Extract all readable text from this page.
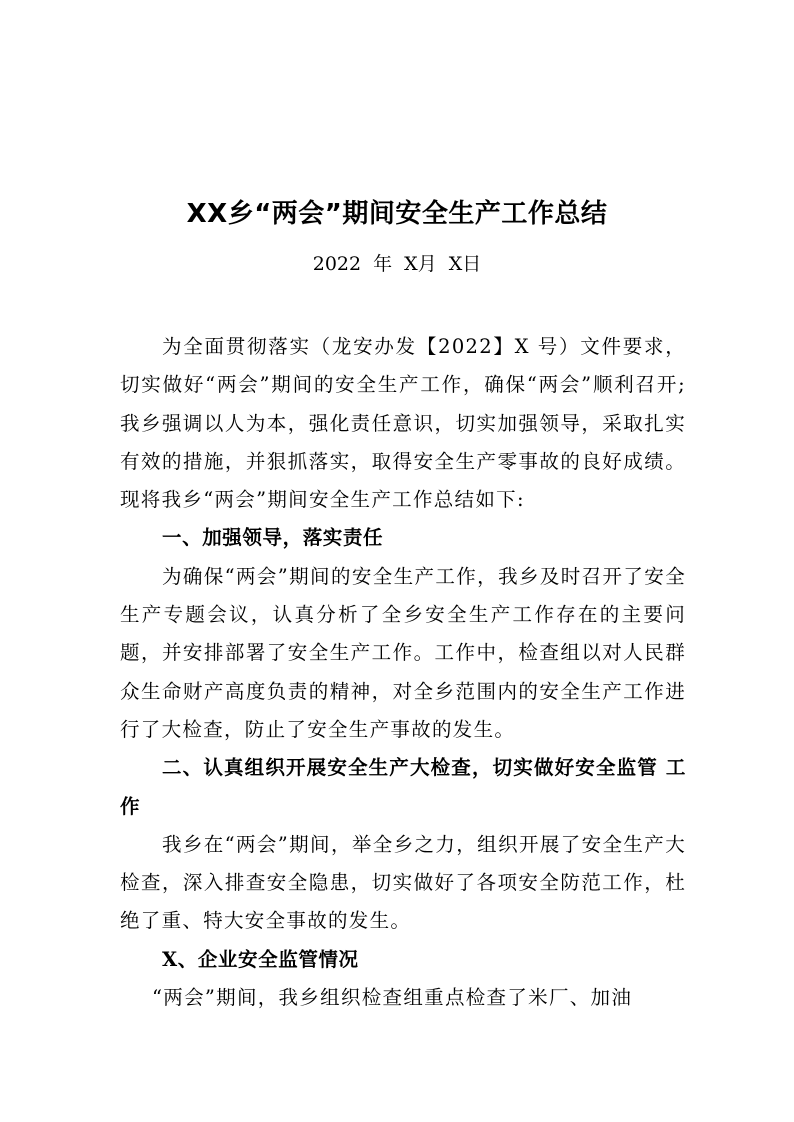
XX乡“两会”期间安全生产工作总结
2022 年 X月 X日

为全面贯彻落实（龙安办发【2022】X 号）文件要求，切实做好“两会”期间的安全生产工作，确保“两会”顺利召开;我乡强调以人为本，强化责任意识，切实加强领导，采取扎实有效的措施，并狠抓落实，取得安全生产零事故的良好成绩。现将我乡“两会”期间安全生产工作总结如下:

一、加强领导，落实责任

为确保“两会”期间的安全生产工作，我乡及时召开了安全生产专题会议，认真分析了全乡安全生产工作存在的主要问题，并安排部署了安全生产工作。工作中，检查组以对人民群众生命财产高度负责的精神，对全乡范围内的安全生产工作进行了大检查，防止了安全生产事故的发生。

二、认真组织开展安全生产大检查，切实做好安全监管 工作

我乡在“两会”期间，举全乡之力，组织开展了安全生产大检查，深入排查安全隐患，切实做好了各项安全防范工作，杜绝了重、特大安全事故的发生。

X、企业安全监管情况

“两会”期间，我乡组织检查组重点检查了米厂、加油
